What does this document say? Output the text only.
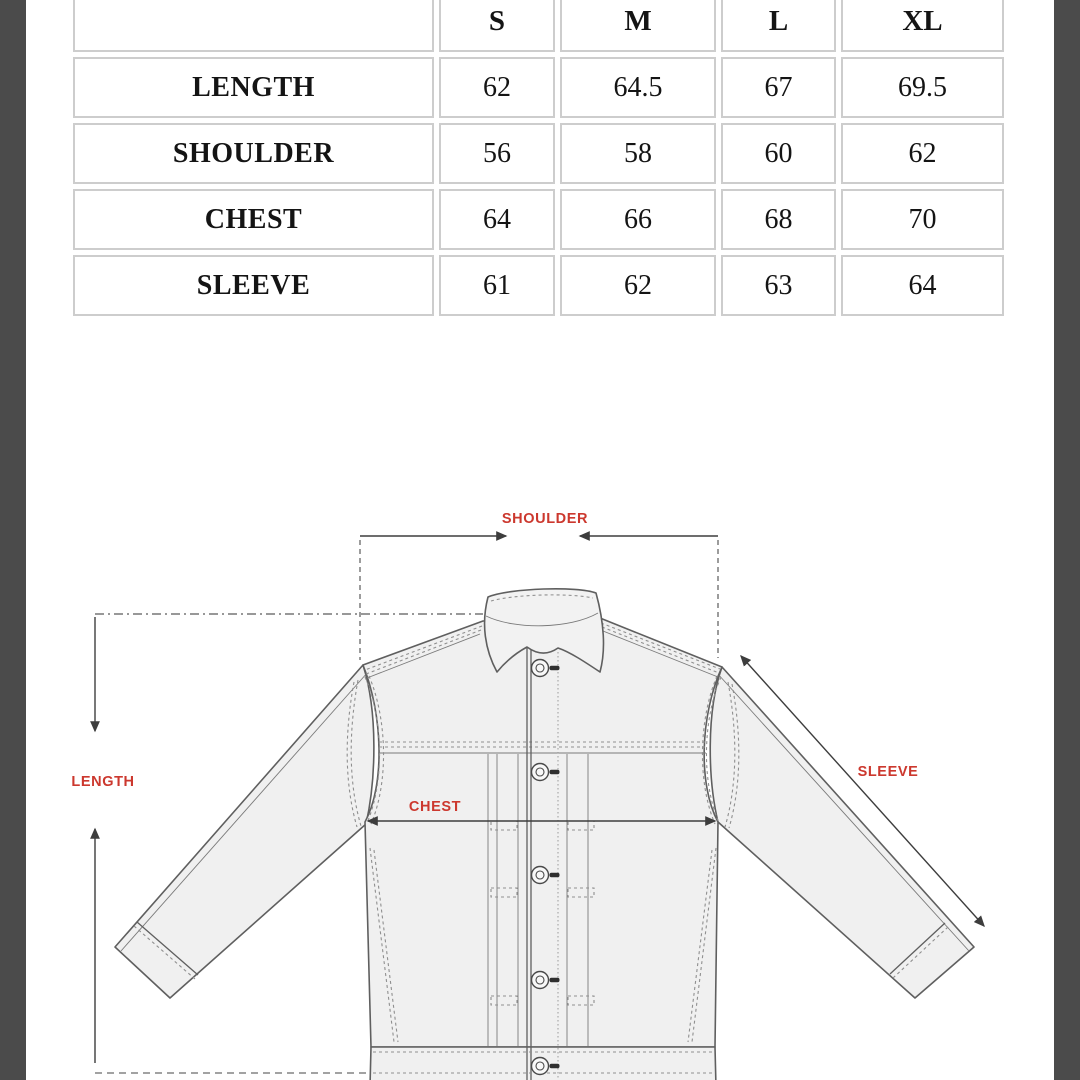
	S	M	L	XL
LENGTH	62	64.5	67	69.5
SHOULDER	56	58	60	62
CHEST	64	66	68	70
SLEEVE	61	62	63	64
SHOULDER
LENGTH
CHEST
SLEEVE
